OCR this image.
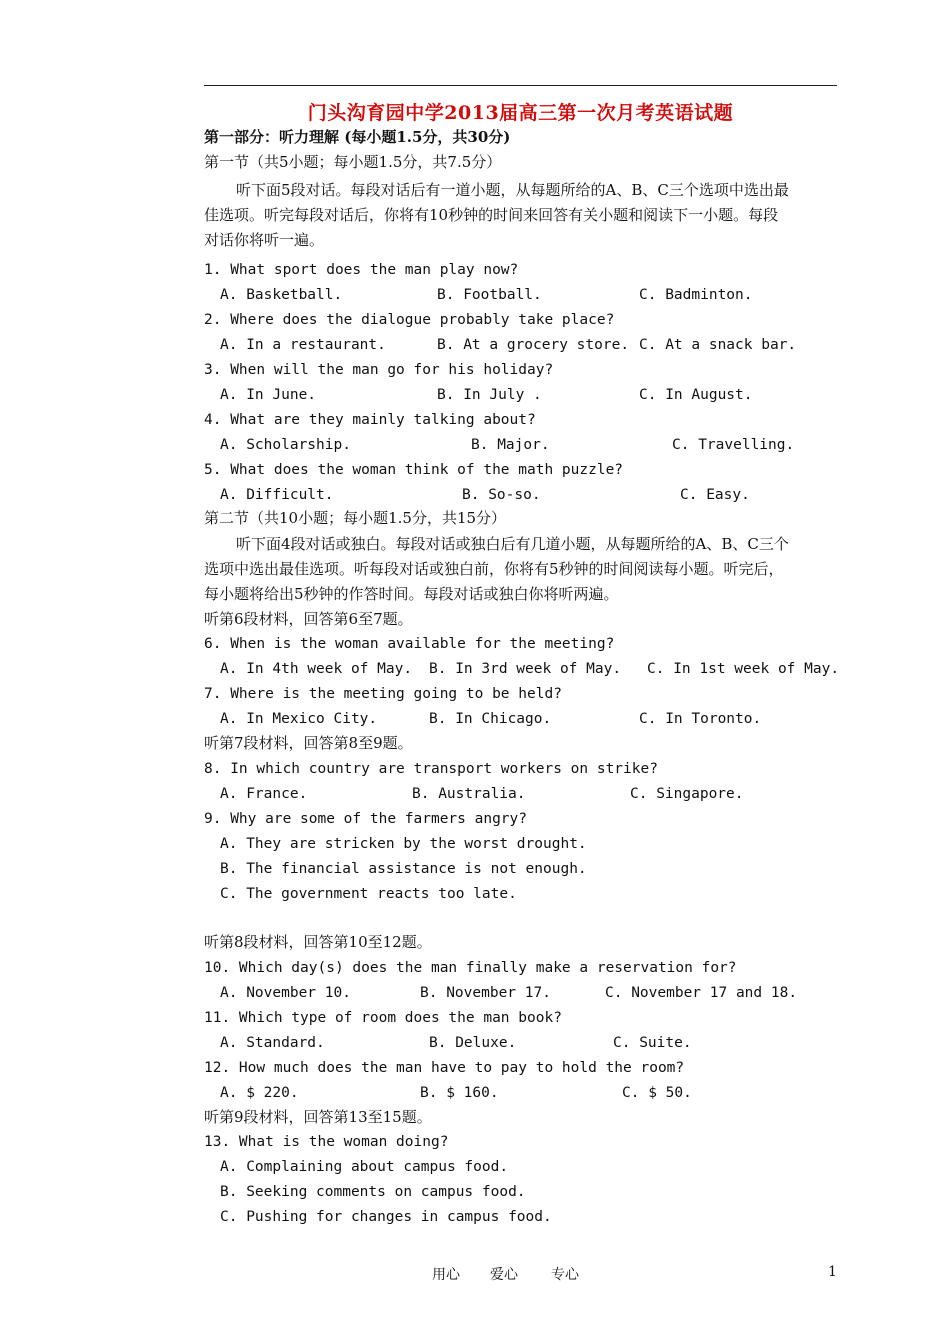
门头沟育园中学2013届高三第一次月考英语试题
第一部分：听力理解 (每小题1.5分，共30分)
第一节（共5小题；每小题1.5分，共7.5分）
听下面5段对话。每段对话后有一道小题，从每题所给的A、B、C三个选项中选出最
佳选项。听完每段对话后，你将有10秒钟的时间来回答有关小题和阅读下一小题。每段
对话你将听一遍。
1. What sport does the man play now?
A. Basketball.	B. Football.	C. Badminton.
2. Where does the dialogue probably take place?
A. In a restaurant.	B. At a grocery store. C. At a snack bar.
3. When will the man go for his holiday?
A. In June.	B. In July .	C. In August.
4. What are they mainly talking about?
A. Scholarship.	B. Major.	C. Travelling.
5. What does the woman think of the math puzzle?
A. Difficult.	B. So-so.	C. Easy.
第二节（共10小题；每小题1.5分，共15分）
听下面4段对话或独白。每段对话或独白后有几道小题，从每题所给的A、B、C三个
选项中选出最佳选项。听每段对话或独白前，你将有5秒钟的时间阅读每小题。听完后，
每小题将给出5秒钟的作答时间。每段对话或独白你将听两遍。
听第6段材料，回答第6至7题。
6. When is the woman available for the meeting?
A. In 4th week of May. B. In 3rd week of May. C. In 1st week of May.
7. Where is the meeting going to be held?
A. In Mexico City.	B. In Chicago.	C. In Toronto.
听第7段材料，回答第8至9题。
8. In which country are transport workers on strike?
A. France.	B. Australia.	C. Singapore.
9. Why are some of the farmers angry?
A. They are stricken by the worst drought.
B. The financial assistance is not enough.
C. The government reacts too late.
听第8段材料，回答第10至12题。
10. Which day(s) does the man finally make a reservation for?
A. November 10.	B. November 17.	C. November 17 and 18.
11. Which type of room does the man book?
A. Standard.	B. Deluxe.	C. Suite.
12. How much does the man have to pay to hold the room?
A. $ 220.	B. $ 160.	C. $ 50.
听第9段材料，回答第13至15题。
13. What is the woman doing?
A. Complaining about campus food.
B. Seeking comments on campus food.
C. Pushing for changes in campus food.
用心 爱心 专心	1
